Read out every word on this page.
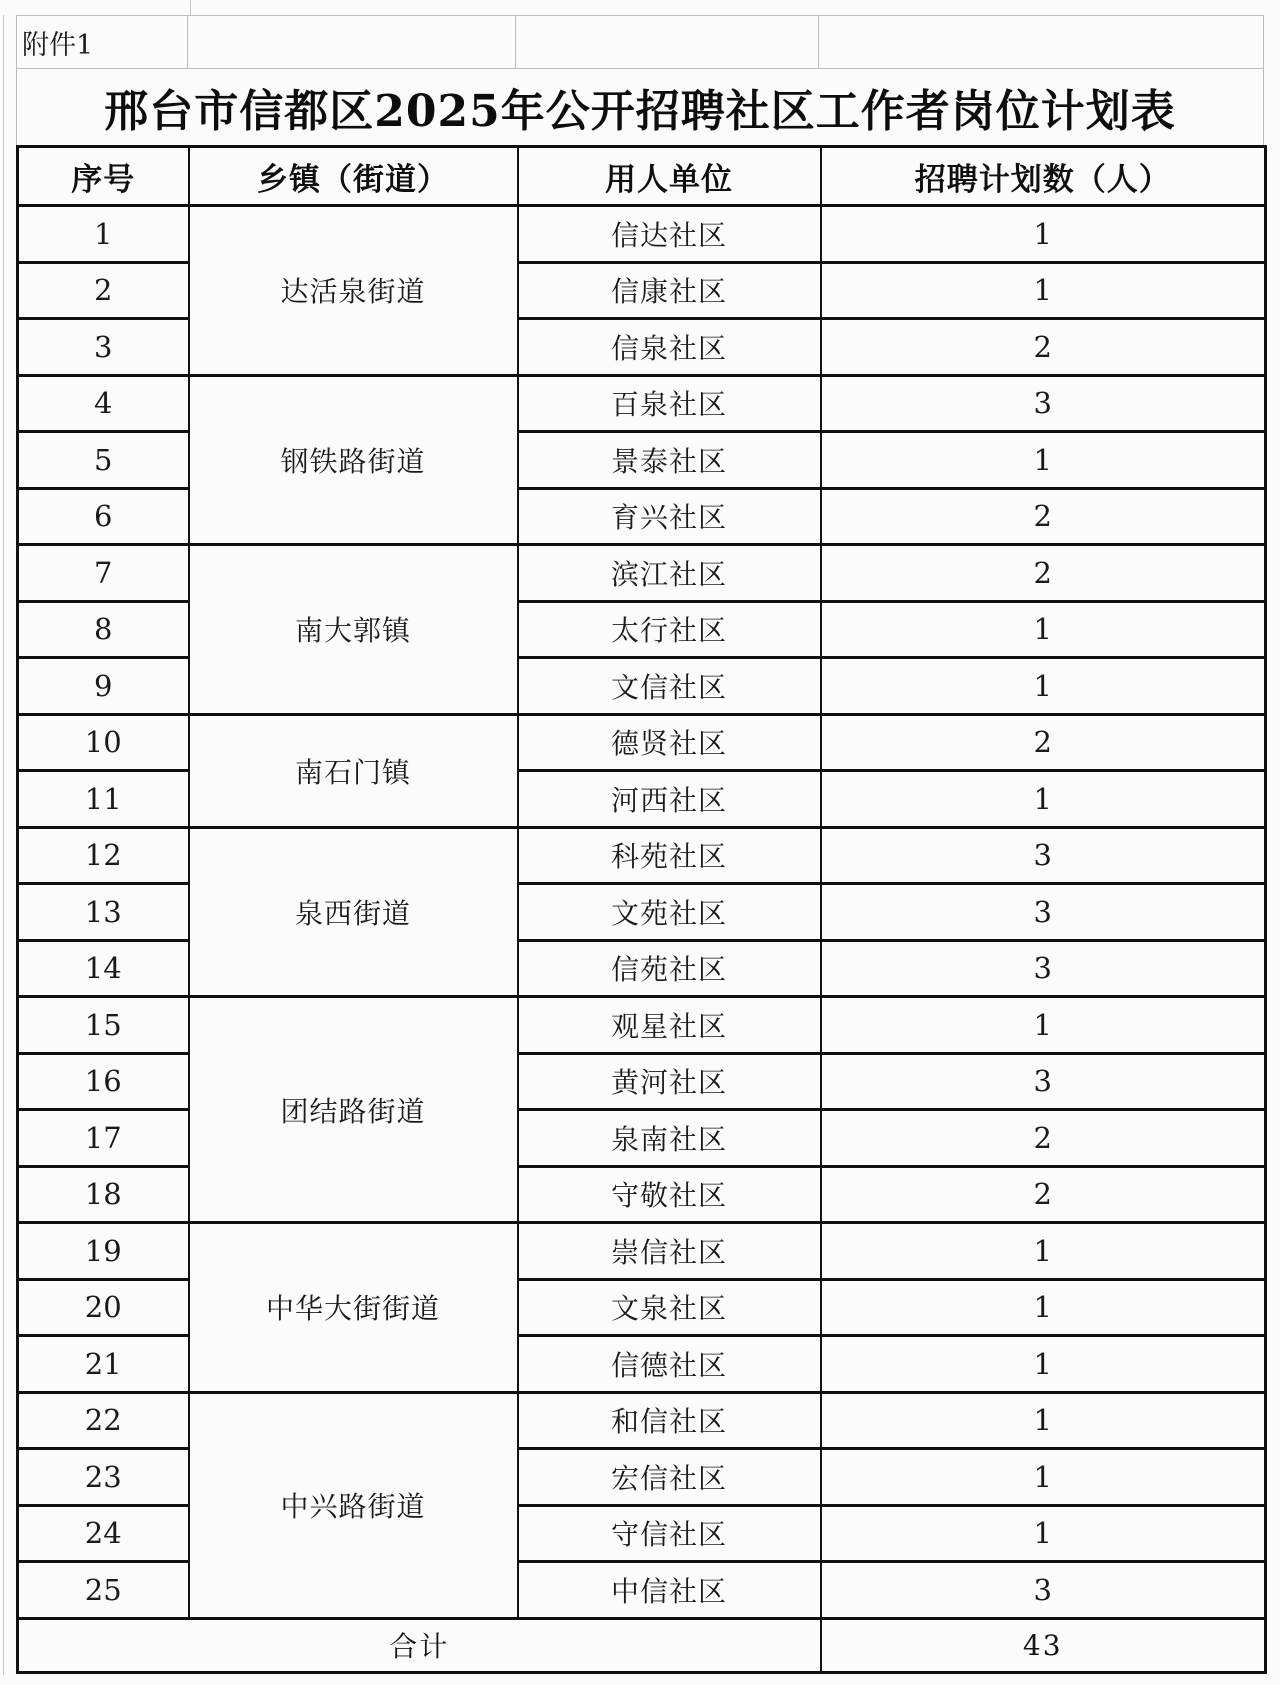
附件1
邢台市信都区2025年公开招聘社区工作者岗位计划表
序号	乡镇（街道）	用人单位	招聘计划数（人）
1	达活泉街道	信达社区	1
2		信康社区	1
3		信泉社区	2
4	钢铁路街道	百泉社区	3
5		景泰社区	1
6		育兴社区	2
7	南大郭镇	滨江社区	2
8		太行社区	1
9		文信社区	1
10	南石门镇	德贤社区	2
11		河西社区	1
12	泉西街道	科苑社区	3
13		文苑社区	3
14		信苑社区	3
15	团结路街道	观星社区	1
16		黄河社区	3
17		泉南社区	2
18		守敬社区	2
19	中华大街街道	崇信社区	1
20		文泉社区	1
21		信德社区	1
22	中兴路街道	和信社区	1
23		宏信社区	1
24		守信社区	1
25		中信社区	3
合计			43
